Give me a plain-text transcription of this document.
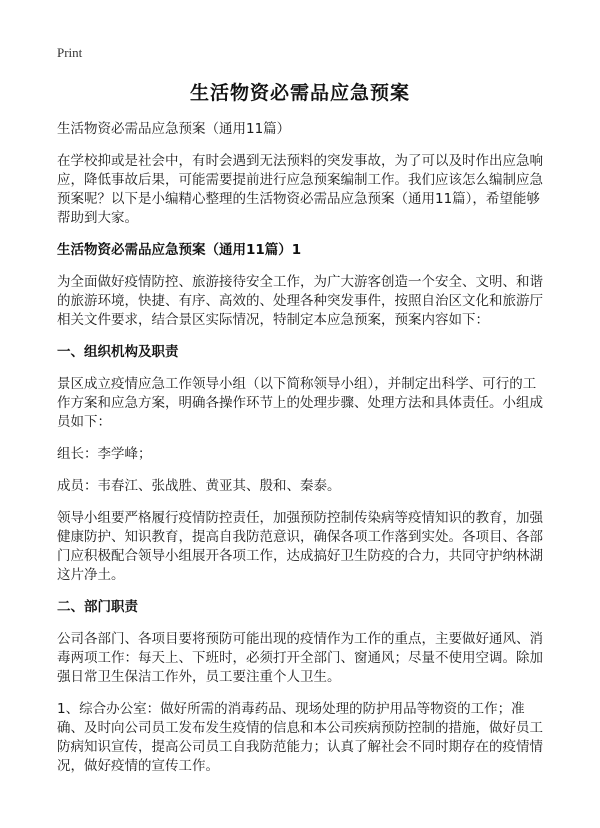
Print
生活物资必需品应急预案

生活物资必需品应急预案（通用11篇）

在学校抑或是社会中，有时会遇到无法预料的突发事故，为了可以及时作出应急响应，降低事故后果，可能需要提前进行应急预案编制工作。我们应该怎么编制应急预案呢？以下是小编精心整理的生活物资必需品应急预案（通用11篇），希望能够帮助到大家。

生活物资必需品应急预案（通用11篇）1

为全面做好疫情防控、旅游接待安全工作，为广大游客创造一个安全、文明、和谐的旅游环境，快捷、有序、高效的、处理各种突发事件，按照自治区文化和旅游厅相关文件要求，结合景区实际情况，特制定本应急预案，预案内容如下：

一、组织机构及职责

景区成立疫情应急工作领导小组（以下简称领导小组），并制定出科学、可行的工作方案和应急方案，明确各操作环节上的处理步骤、处理方法和具体责任。小组成员如下：

组长：李学峰；

成员：韦春江、张战胜、黄亚其、殷和、秦泰。

领导小组要严格履行疫情防控责任，加强预防控制传染病等疫情知识的教育，加强健康防护、知识教育，提高自我防范意识，确保各项工作落到实处。各项目、各部门应积极配合领导小组展开各项工作，达成搞好卫生防疫的合力，共同守护纳林湖这片净土。

二、部门职责

公司各部门、各项目要将预防可能出现的疫情作为工作的重点，主要做好通风、消毒两项工作：每天上、下班时，必须打开全部门、窗通风；尽量不使用空调。除加强日常卫生保洁工作外，员工要注重个人卫生。

1、综合办公室：做好所需的消毒药品、现场处理的防护用品等物资的工作；准确、及时向公司员工发布发生疫情的信息和本公司疾病预防控制的措施，做好员工防病知识宣传，提高公司员工自我防范能力；认真了解社会不同时期存在的疫情情况，做好疫情的宣传工作。
